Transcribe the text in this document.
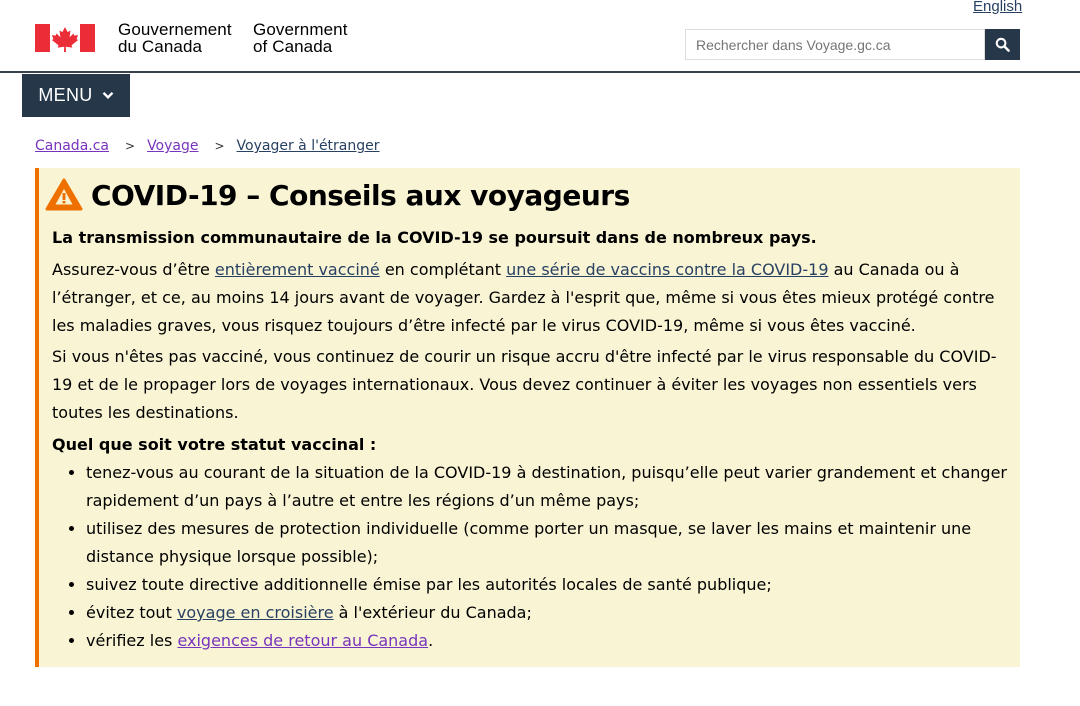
English
Gouvernement
du Canada
Government
of Canada
Rechercher dans Voyage.gc.ca
MENU
Canada.ca > Voyage > Voyager à l'étranger
COVID-19 – Conseils aux voyageurs

La transmission communautaire de la COVID-19 se poursuit dans de nombreux pays.

Assurez-vous d’être entièrement vacciné en complétant une série de vaccins contre la COVID-19 au Canada ou à l’étranger, et ce, au moins 14 jours avant de voyager. Gardez à l'esprit que, même si vous êtes mieux protégé contre les maladies graves, vous risquez toujours d’être infecté par le virus COVID-19, même si vous êtes vacciné.

Si vous n'êtes pas vacciné, vous continuez de courir un risque accru d'être infecté par le virus responsable du COVID-19 et de le propager lors de voyages internationaux. Vous devez continuer à éviter les voyages non essentiels vers toutes les destinations.

Quel que soit votre statut vaccinal :

• tenez-vous au courant de la situation de la COVID-19 à destination, puisqu’elle peut varier grandement et changer rapidement d’un pays à l’autre et entre les régions d’un même pays;
• utilisez des mesures de protection individuelle (comme porter un masque, se laver les mains et maintenir une distance physique lorsque possible);
• suivez toute directive additionnelle émise par les autorités locales de santé publique;
• évitez tout voyage en croisière à l'extérieur du Canada;
• vérifiez les exigences de retour au Canada.
